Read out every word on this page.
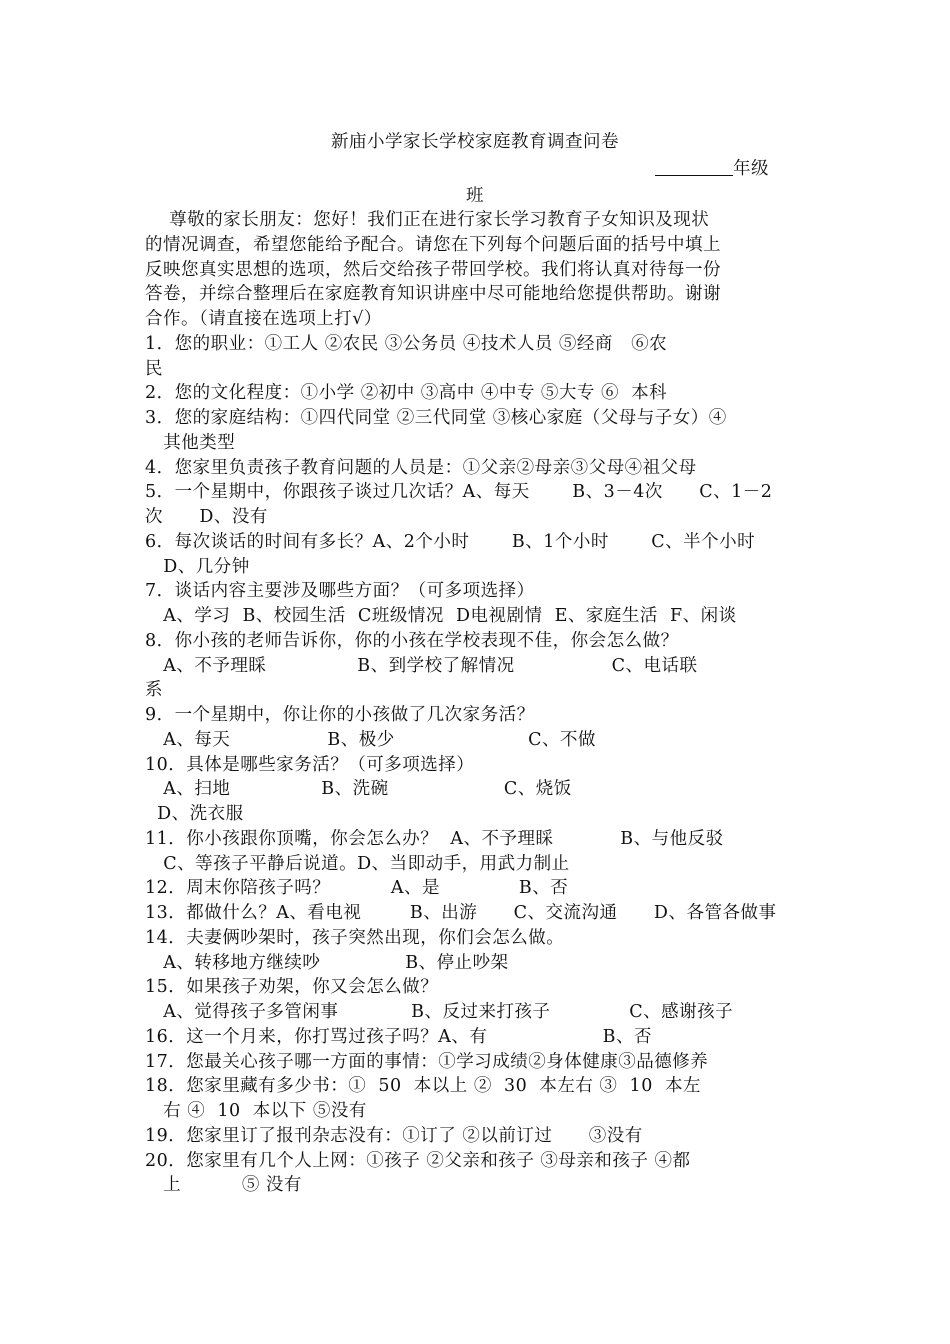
新庙小学家长学校家庭教育调查问卷
年级
班
尊敬的家长朋友：您好！我们正在进行家长学习教育子女知识及现状
的情况调查，希望您能给予配合。请您在下列每个问题后面的括号中填上
反映您真实思想的选项，然后交给孩子带回学校。我们将认真对待每一份
答卷，并综合整理后在家庭教育知识讲座中尽可能地给您提供帮助。谢谢
合作。（请直接在选项上打√）
1．您的职业：①工人 ②农民 ③公务员 ④技术人员 ⑤经商   ⑥农
民
2．您的文化程度：①小学 ②初中 ③高中 ④中专 ⑤大专 ⑥  本科
3．您的家庭结构：①四代同堂 ②三代同堂 ③核心家庭（父母与子女）④
其他类型
4．您家里负责孩子教育问题的人员是：①父亲②母亲③父母④祖父母
5．一个星期中，你跟孩子谈过几次话？A、每天       B、3－4次      C、1－2
次      D、没有
6．每次谈话的时间有多长？A、2个小时       B、1个小时       C、半个小时
D、几分钟
7．谈话内容主要涉及哪些方面？（可多项选择）
A、学习  B、校园生活  C班级情况  D电视剧情  E、家庭生活  F、闲谈
8．你小孩的老师告诉你，你的小孩在学校表现不佳，你会怎么做？
A、不予理睬               B、到学校了解情况                C、电话联
系
9．一个星期中，你让你的小孩做了几次家务活？
A、每天                B、极少                      C、不做
10．具体是哪些家务活？（可多项选择）
A、扫地               B、洗碗                   C、烧饭
D、洗衣服
11．你小孩跟你顶嘴，你会怎么办？  A、不予理睬           B、与他反驳
C、等孩子平静后说道。D、当即动手，用武力制止
12．周末你陪孩子吗？          A、是             B、否
13．都做什么？A、看电视        B、出游      C、交流沟通      D、各管各做事
14．夫妻俩吵架时，孩子突然出现，你们会怎么做。
A、转移地方继续吵              B、停止吵架
15．如果孩子劝架，你又会怎么做？
A、觉得孩子多管闲事            B、反过来打孩子             C、感谢孩子
16．这一个月来，你打骂过孩子吗？A、有                   B、否
17．您最关心孩子哪一方面的事情：①学习成绩②身体健康③品德修养
18．您家里藏有多少书：①  50  本以上 ②  30  本左右 ③  10  本左
右 ④  10  本以下 ⑤没有
19．您家里订了报刊杂志没有：①订了 ②以前订过      ③没有
20．您家里有几个人上网：①孩子 ②父亲和孩子 ③母亲和孩子 ④都
上          ⑤ 没有
